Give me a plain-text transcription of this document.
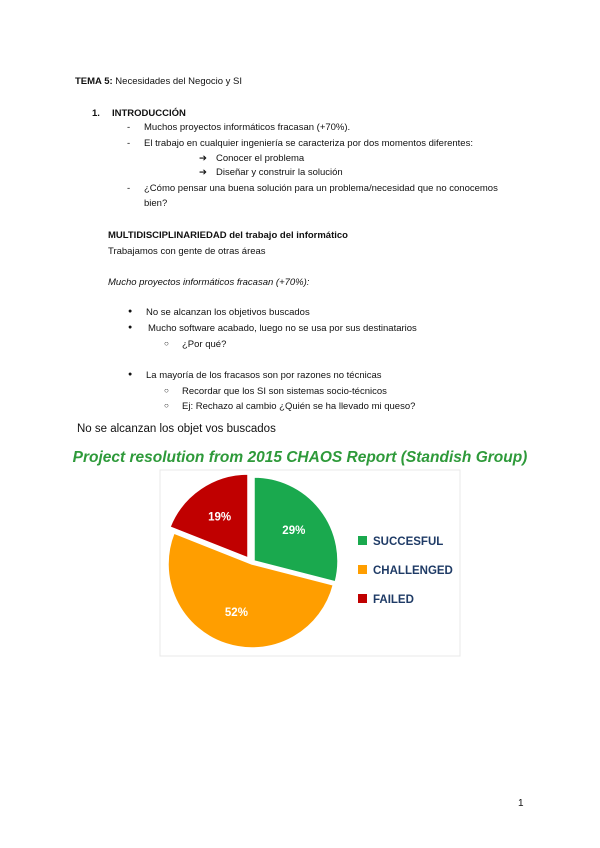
TEMA 5: Necesidades del Negocio y SI
1. INTRODUCCIÓN
- Muchos proyectos informáticos fracasan (+70%).
- El trabajo en cualquier ingeniería se caracteriza por dos momentos diferentes:
➔ Conocer el problema
➔ Diseñar y construir la solución
- ¿Cómo pensar una buena solución para un problema/necesidad que no conocemos
bien?
MULTIDISCIPLINARIEDAD del trabajo del informático
Trabajamos con gente de otras áreas
Mucho proyectos informáticos fracasan (+70%):
● No se alcanzan los objetivos buscados
● Mucho software acabado, luego no se usa por sus destinatarios
○ ¿Por qué?
● La mayoría de los fracasos son por razones no técnicas
○ Recordar que los SI son sistemas socio-técnicos
○ Ej: Rechazo al cambio ¿Quién se ha llevado mi queso?
No se alcanzan los objet vos buscados
Project resolution from 2015 CHAOS Report (Standish Group)
29%
52%
19%
SUCCESFUL
CHALLENGED
FAILED
1
